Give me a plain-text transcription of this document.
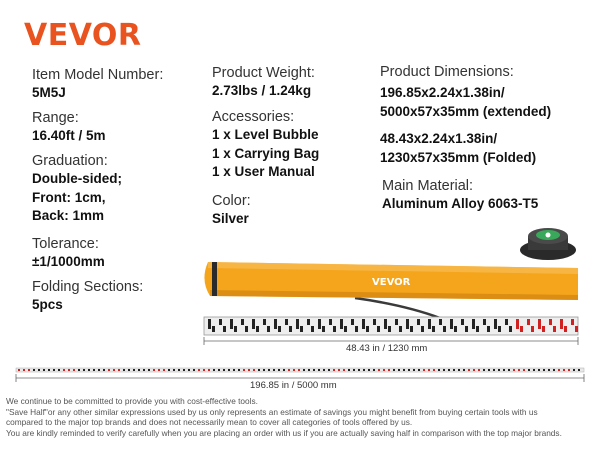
VEVOR
Item Model Number:
5M5J
Range:
16.40ft / 5m
Graduation:
Double-sided;
Front: 1cm,
Back: 1mm
Tolerance:
±1/1000mm
Folding Sections:
5pcs
Product Weight:
2.73lbs / 1.24kg
Accessories:
1 x Level Bubble
1 x Carrying Bag
1 x User Manual
Color:
Silver
Product Dimensions:
196.85x2.24x1.38in/
5000x57x35mm (extended)
48.43x2.24x1.38in/
1230x57x35mm (Folded)
Main Material:
Aluminum Alloy 6063-T5
VEVOR
48.43 in / 1230 mm
196.85 in / 5000 mm
We continue to be committed to provide you with cost-effective tools.
"Save Half"or any other similar expressions used by us only represents an estimate of savings you might benefit from buying certain tools with us
compared to the major top brands and does not necessarily mean to cover all categories of tools offered by us.
You are kindly reminded to verify carefully when you are placing an order with us if you are actually saving half in comparison with the top major brands.
